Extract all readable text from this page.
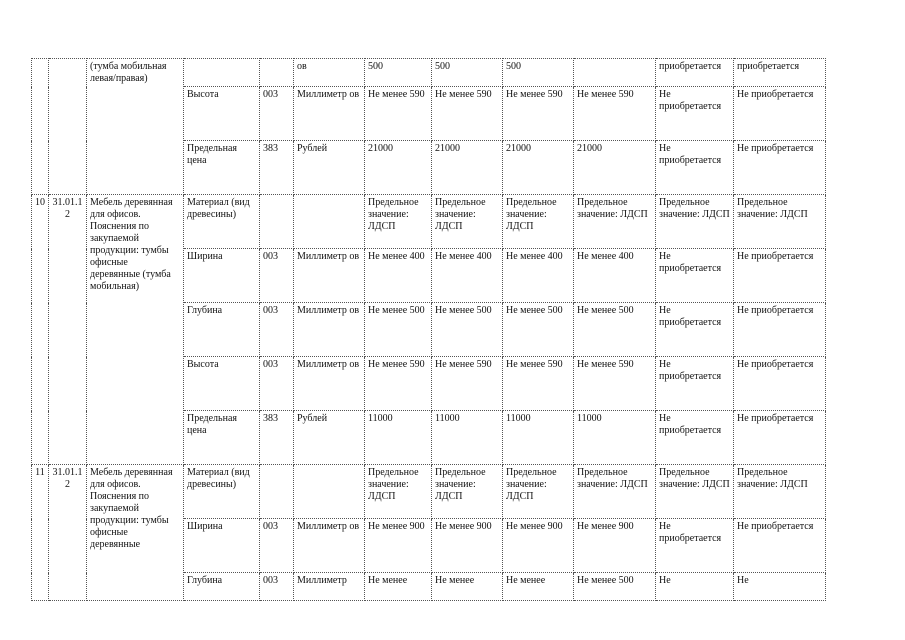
		(тумба мобильная левая/правая)			ов	500	500	500		приобретается	приобретается
			Высота	003	Миллиметр ов	Не менее 590	Не менее 590	Не менее 590	Не менее 590	Не приобретается	Не приобретается
			Предельная цена	383	Рублей	21000	21000	21000	21000	Не приобретается	Не приобретается
10	31.01.1 2	Мебель деревянная для офисов. Пояснения по закупаемой продукции: тумбы офисные деревянные (тумба мобильная)	Материал (вид древесины)			Предельное значение: ЛДСП	Предельное значение: ЛДСП	Предельное значение: ЛДСП	Предельное значение: ЛДСП	Предельное значение: ЛДСП	Предельное значение: ЛДСП
			Ширина	003	Миллиметр ов	Не менее 400	Не менее 400	Не менее 400	Не менее 400	Не приобретается	Не приобретается
			Глубина	003	Миллиметр ов	Не менее 500	Не менее 500	Не менее 500	Не менее 500	Не приобретается	Не приобретается
			Высота	003	Миллиметр ов	Не менее 590	Не менее 590	Не менее 590	Не менее 590	Не приобретается	Не приобретается
			Предельная цена	383	Рублей	11000	11000	11000	11000	Не приобретается	Не приобретается
11	31.01.1 2	Мебель деревянная для офисов. Пояснения по закупаемой продукции: тумбы офисные деревянные	Материал (вид древесины)			Предельное значение: ЛДСП	Предельное значение: ЛДСП	Предельное значение: ЛДСП	Предельное значение: ЛДСП	Предельное значение: ЛДСП	Предельное значение: ЛДСП
			Ширина	003	Миллиметр ов	Не менее 900	Не менее 900	Не менее 900	Не менее 900	Не приобретается	Не приобретается
			Глубина	003	Миллиметр	Не менее	Не менее	Не менее	Не менее 500	Не	Не
